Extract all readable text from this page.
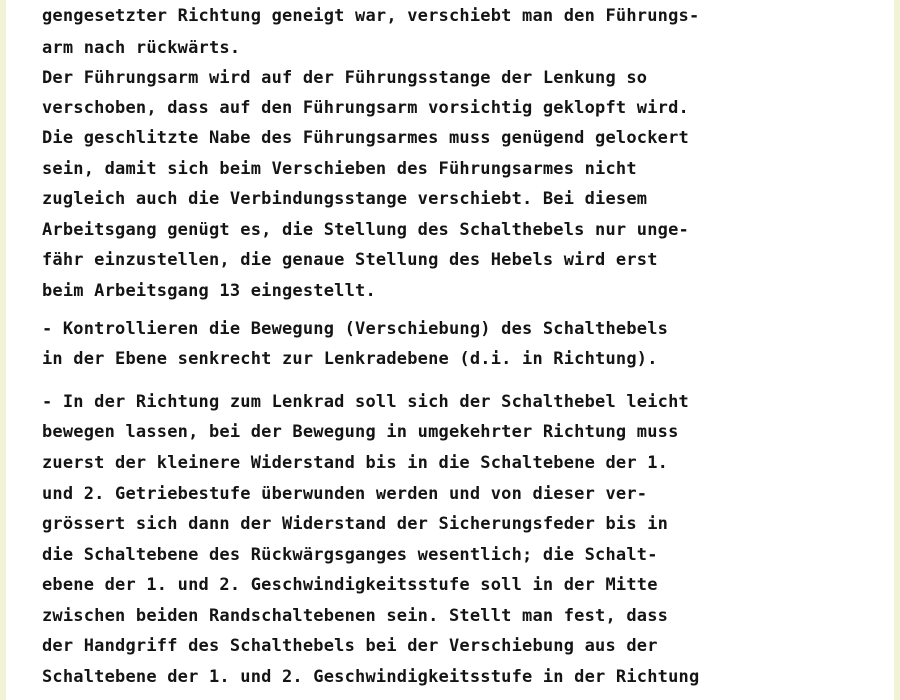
gengesetzter Richtung geneigt war, verschiebt man den Führungs-

arm nach rückwärts.

Der Führungsarm wird auf der Führungsstange der Lenkung so

verschoben, dass auf den Führungsarm vorsichtig geklopft wird.

Die geschlitzte Nabe des Führungsarmes muss genügend gelockert

sein, damit sich beim Verschieben des Führungsarmes nicht

zugleich auch die Verbindungsstange verschiebt. Bei diesem

Arbeitsgang genügt es, die Stellung des Schalthebels nur unge-

fähr einzustellen, die genaue Stellung des Hebels wird erst

beim Arbeitsgang 13 eingestellt.

- Kontrollieren die Bewegung (Verschiebung) des Schalthebels

in der Ebene senkrecht zur Lenkradebene (d.i. in Richtung).

- In der Richtung zum Lenkrad soll sich der Schalthebel leicht

bewegen lassen, bei der Bewegung in umgekehrter Richtung muss

zuerst der kleinere Widerstand bis in die Schaltebene der 1.

und 2. Getriebestufe überwunden werden und von dieser ver-

grössert sich dann der Widerstand der Sicherungsfeder bis in

die Schaltebene des Rückwärgsganges wesentlich; die Schalt-

ebene der 1. und 2. Geschwindigkeitsstufe soll in der Mitte

zwischen beiden Randschaltebenen sein. Stellt man fest, dass

der Handgriff des Schalthebels bei der Verschiebung aus der

Schaltebene der 1. und 2. Geschwindigkeitsstufe in der Richtung
